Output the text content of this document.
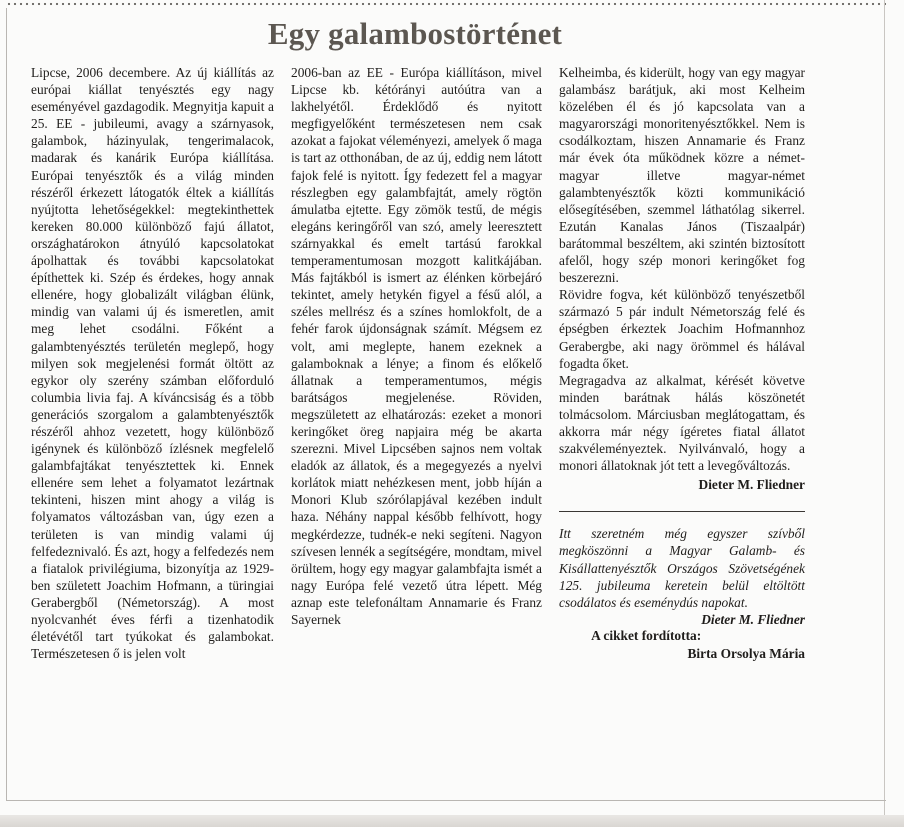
Egy galambostörténet

Lipcse, 2006 decembere. Az új kiállítás az európai kiállat tenyésztés egy nagy eseményével gazdagodik. Megnyitja kapuit a 25. EE - jubileumi, avagy a szárnyasok, galambok, házinyulak, tengerimalacok, madarak és kanárik Európa kiállítása. Európai tenyésztők és a világ minden részéről érkezett látogatók éltek a kiállítás nyújtotta lehetőségekkel: megtekinthettek kereken 80.000 különböző fajú állatot, országhatárokon átnyúló kapcsolatokat ápolhattak és további kapcsolatokat építhettek ki. Szép és érdekes, hogy annak ellenére, hogy globalizált világban élünk, mindig van valami új és ismeretlen, amit meg lehet csodálni. Főként a galambtenyésztés területén meglepő, hogy milyen sok megjelenési formát öltött az egykor oly szerény számban előforduló columbia livia faj. A kíváncsiság és a több generációs szorgalom a galambtenyésztők részéről ahhoz vezetett, hogy különböző igénynek és különböző ízlésnek megfelelő galambfajtákat tenyésztettek ki. Ennek ellenére sem lehet a folyamatot lezártnak tekinteni, hiszen mint ahogy a világ is folyamatos változásban van, úgy ezen a területen is van mindig valami új felfedeznivaló. És azt, hogy a felfedezés nem a fiatalok privilégiuma, bizonyítja az 1929-ben született Joachim Hofmann, a türingiai Gerabergből (Németország). A most nyolcvanhét éves férfi a tizenhatodik életévétől tart tyúkokat és galambokat. Természetesen ő is jelen volt

2006-ban az EE - Európa kiállításon, mivel Lipcse kb. kétórányi autóútra van a lakhelyétől. Érdeklődő és nyitott megfigyelőként természetesen nem csak azokat a fajokat véleményezi, amelyek ő maga is tart az otthonában, de az új, eddig nem látott fajok felé is nyitott. Így fedezett fel a magyar részlegben egy galambfajtát, amely rögtön ámulatba ejtette. Egy zömök testű, de mégis elegáns keringőről van szó, amely leeresztett szárnyakkal és emelt tartású farokkal temperamentumosan mozgott kalitkájában. Más fajtákból is ismert az élénken körbejáró tekintet, amely hetykén figyel a fésű alól, a széles mellrész és a színes homlokfolt, de a fehér farok újdonságnak számít. Mégsem ez volt, ami meglepte, hanem ezeknek a galamboknak a lénye; a finom és előkelő állatnak a temperamentumos, mégis barátságos megjelenése. Röviden, megszületett az elhatározás: ezeket a monori keringőket öreg napjaira még be akarta szerezni. Mivel Lipcsében sajnos nem voltak eladók az állatok, és a megegyezés a nyelvi korlátok miatt nehézkesen ment, jobb híján a Monori Klub szórólapjával kezében indult haza. Néhány nappal később felhívott, hogy megkérdezze, tudnék-e neki segíteni. Nagyon szívesen lennék a segítségére, mondtam, mivel örültem, hogy egy magyar galambfajta ismét a nagy Európa felé vezető útra lépett. Még aznap este telefonáltam Annamarie és Franz Sayernek

Kelheimba, és kiderült, hogy van egy magyar galambász barátjuk, aki most Kelheim közelében él és jó kapcsolata van a magyarországi monoritenyésztőkkel. Nem is csodálkoztam, hiszen Annamarie és Franz már évek óta működnek közre a német-magyar illetve magyar-német galambtenyésztők közti kommunikáció elősegítésében, szemmel láthatólag sikerrel. Ezután Kanalas János (Tiszaalpár) barátommal beszéltem, aki szintén biztosított afelől, hogy szép monori keringőket fog beszerezni.

Rövidre fogva, két különböző tenyészetből származó 5 pár indult Németország felé és épségben érkeztek Joachim Hofmannhoz Gerabergbe, aki nagy örömmel és hálával fogadta őket.

Megragadva az alkalmat, kérését követve minden barátnak hálás köszönetét tolmácsolom. Márciusban meglátogattam, és akkorra már négy ígéretes fiatal állatot szakvéleményeztek. Nyilvánvaló, hogy a monori állatoknak jót tett a levegőváltozás.

Dieter M. Fliedner

Itt szeretném még egyszer szívből megköszönni a Magyar Galamb- és Kisállattenyésztők Országos Szövetségének 125. jubileuma keretein belül eltöltött csodálatos és eseménydús napokat.
Dieter M. Fliedner

A cikket fordította:
Birta Orsolya Mária
